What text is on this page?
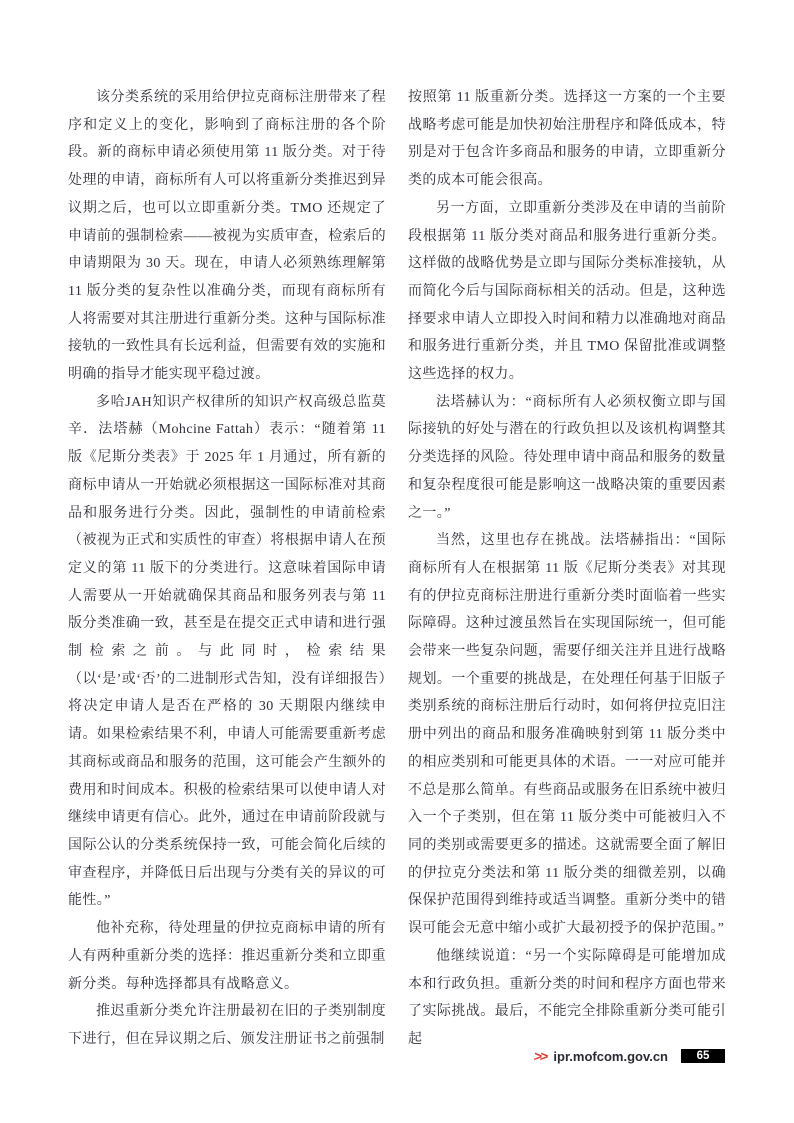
该分类系统的采用给伊拉克商标注册带来了程序和定义上的变化，影响到了商标注册的各个阶段。新的商标申请必须使用第 11 版分类。对于待处理的申请，商标所有人可以将重新分类推迟到异议期之后，也可以立即重新分类。TMO 还规定了申请前的强制检索——被视为实质审查，检索后的申请期限为 30 天。现在，申请人必须熟练理解第 11 版分类的复杂性以准确分类，而现有商标所有人将需要对其注册进行重新分类。这种与国际标准接轨的一致性具有长远利益，但需要有效的实施和明确的指导才能实现平稳过渡。

多哈JAH知识产权律所的知识产权高级总监莫辛．法塔赫（Mohcine Fattah）表示：“随着第 11 版《尼斯分类表》于 2025 年 1 月通过，所有新的商标申请从一开始就必须根据这一国际标准对其商品和服务进行分类。因此，强制性的申请前检索（被视为正式和实质性的审查）将根据申请人在预定义的第 11 版下的分类进行。这意味着国际申请人需要从一开始就确保其商品和服务列表与第 11 版分类准确一致，甚至是在提交正式申请和进行强制检索之前。与此同时，检索结果（以‘是’或‘否’的二进制形式告知，没有详细报告）将决定申请人是否在严格的 30 天期限内继续申请。如果检索结果不利，申请人可能需要重新考虑其商标或商品和服务的范围，这可能会产生额外的费用和时间成本。积极的检索结果可以使申请人对继续申请更有信心。此外，通过在申请前阶段就与国际公认的分类系统保持一致，可能会简化后续的审查程序，并降低日后出现与分类有关的异议的可能性。”

他补充称，待处理量的伊拉克商标申请的所有人有两种重新分类的选择：推迟重新分类和立即重新分类。每种选择都具有战略意义。

推迟重新分类允许注册最初在旧的子类别制度下进行，但在异议期之后、颁发注册证书之前强制

按照第 11 版重新分类。选择这一方案的一个主要战略考虑可能是加快初始注册程序和降低成本，特别是对于包含许多商品和服务的申请，立即重新分类的成本可能会很高。

另一方面，立即重新分类涉及在申请的当前阶段根据第 11 版分类对商品和服务进行重新分类。这样做的战略优势是立即与国际分类标准接轨，从而简化今后与国际商标相关的活动。但是，这种选择要求申请人立即投入时间和精力以准确地对商品和服务进行重新分类，并且 TMO 保留批准或调整这些选择的权力。

法塔赫认为：“商标所有人必须权衡立即与国际接轨的好处与潜在的行政负担以及该机构调整其分类选择的风险。待处理申请中商品和服务的数量和复杂程度很可能是影响这一战略决策的重要因素之一。”

当然，这里也存在挑战。法塔赫指出：“国际商标所有人在根据第 11 版《尼斯分类表》对其现有的伊拉克商标注册进行重新分类时面临着一些实际障碍。这种过渡虽然旨在实现国际统一，但可能会带来一些复杂问题，需要仔细关注并且进行战略规划。一个重要的挑战是，在处理任何基于旧版子类别系统的商标注册后行动时，如何将伊拉克旧注册中列出的商品和服务准确映射到第 11 版分类中的相应类别和可能更具体的术语。一一对应可能并不总是那么简单。有些商品或服务在旧系统中被归入一个子类别，但在第 11 版分类中可能被归入不同的类别或需要更多的描述。这就需要全面了解旧的伊拉克分类法和第 11 版分类的细微差别，以确保保护范围得到维持或适当调整。重新分类中的错误可能会无意中缩小或扩大最初授予的保护范围。”

他继续说道：“另一个实际障碍是可能增加成本和行政负担。重新分类的时间和程序方面也带来了实际挑战。最后，不能完全排除重新分类可能引起

>> ipr.mofcom.gov.cn	65
